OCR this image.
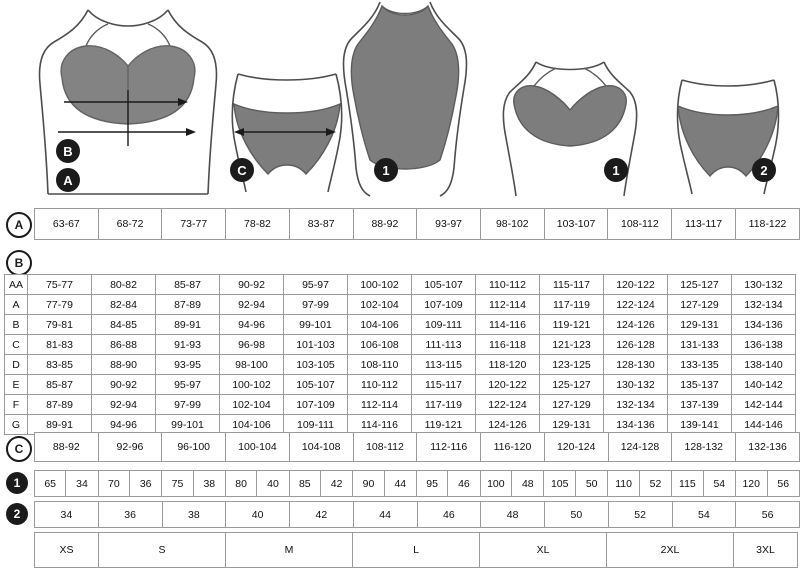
B
A
C	1	1	2
A	63-67	68-72	73-77	78-82	83-87	88-92	93-97	98-102	103-107	108-112	113-117	118-122
B
AA	75-77	80-82	85-87	90-92	95-97	100-102	105-107	110-112	115-117	120-122	125-127	130-132
A	77-79	82-84	87-89	92-94	97-99	102-104	107-109	112-114	117-119	122-124	127-129	132-134
B	79-81	84-85	89-91	94-96	99-101	104-106	109-111	114-116	119-121	124-126	129-131	134-136
C	81-83	86-88	91-93	96-98	101-103	106-108	111-113	116-118	121-123	126-128	131-133	136-138
D	83-85	88-90	93-95	98-100	103-105	108-110	113-115	118-120	123-125	128-130	133-135	138-140
E	85-87	90-92	95-97	100-102	105-107	110-112	115-117	120-122	125-127	130-132	135-137	140-142
F	87-89	92-94	97-99	102-104	107-109	112-114	117-119	122-124	127-129	132-134	137-139	142-144
G	89-91	94-96	99-101	104-106	109-111	114-116	119-121	124-126	129-131	134-136	139-141	144-146
C	88-92	92-96	96-100	100-104	104-108	108-112	112-116	116-120	120-124	124-128	128-132	132-136
1	65	34	70	36	75	38	80	40	85	42	90	44	95	46	100	48	105	50	110	52	115	54	120	56
2	34	36	38	40	42	44	46	48	50	52	54	56
XS	S	M	L	XL	2XL	3XL
